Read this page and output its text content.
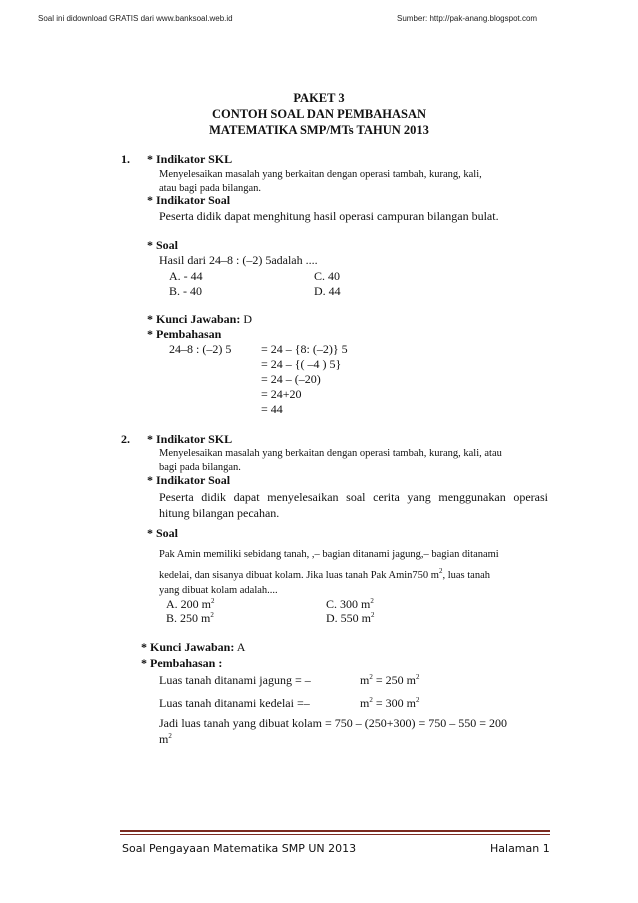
Soal ini didownload GRATIS dari www.banksoal.web.id	Sumber: http://pak-anang.blogspot.com
PAKET 3
CONTOH SOAL DAN PEMBAHASAN
MATEMATIKA SMP/MTs TAHUN 2013
1. * Indikator SKL
Menyelesaikan masalah yang berkaitan dengan operasi tambah, kurang, kali,
atau bagi pada bilangan.
* Indikator Soal
Peserta didik dapat menghitung hasil operasi campuran bilangan bulat.
* Soal
Hasil dari 24–8 : (–2) 5adalah ....
A. - 44	C. 40
B. - 40	D. 44
* Kunci Jawaban: D
* Pembahasan
24–8 : (–2) 5 = 24 – {8: (–2)} 5
= 24 – {( –4 ) 5}
= 24 – (–20)
= 24+20
= 44
2. * Indikator SKL
Menyelesaikan masalah yang berkaitan dengan operasi tambah, kurang, kali, atau
bagi pada bilangan.
* Indikator Soal
Peserta didik dapat menyelesaikan soal cerita yang menggunakan operasi
hitung bilangan pecahan.
* Soal
Pak Amin memiliki sebidang tanah, ,– bagian ditanami jagung,– bagian ditanami
kedelai, dan sisanya dibuat kolam. Jika luas tanah Pak Amin750 $m^2$, luas tanah
yang dibuat kolam adalah....
A. 200 $m^2$	C. 300 $m^2$
B. 250 $m^2$	D. 550 $m^2$
* Kunci Jawaban: A
* Pembahasan :
Luas tanah ditanami jagung = –	$m^2 = 250$ $m^2$
Luas tanah ditanami kedelai =–	$m^2 = 300$ $m^2$
Jadi luas tanah yang dibuat kolam = 750 – (250+300) = 750 – 550 = 200
$m^2$
Soal Pengayaan Matematika SMP UN 2013	Halaman 1
